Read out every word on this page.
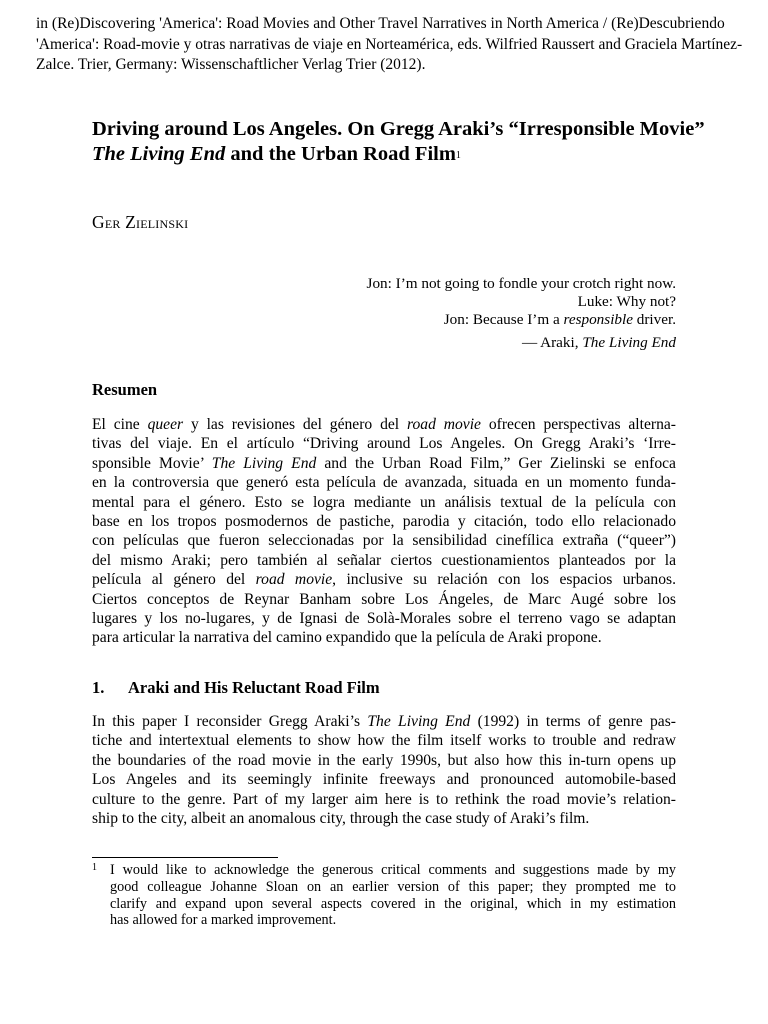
in (Re)Discovering 'America': Road Movies and Other Travel Narratives in North America / (Re)Descubriendo 'America': Road-movie y otras narrativas de viaje en Norteamérica, eds. Wilfried Raussert and Graciela Martínez-Zalce. Trier, Germany: Wissenschaftlicher Verlag Trier (2012).
Driving around Los Angeles. On Gregg Araki’s “Irresponsible Movie” The Living End and the Urban Road Film$^1$
Ger Zielinski
Jon: I’m not going to fondle your crotch right now.
Luke: Why not?
Jon: Because I’m a responsible driver.
— Araki, The Living End
Resumen
El cine queer y las revisiones del género del road movie ofrecen perspectivas alterna-
tivas del viaje. En el artículo “Driving around Los Angeles. On Gregg Araki’s ‘Irre-
sponsible Movie’ The Living End and the Urban Road Film,” Ger Zielinski se enfoca
en la controversia que generó esta película de avanzada, situada en un momento funda-
mental para el género. Esto se logra mediante un análisis textual de la película con
base en los tropos posmodernos de pastiche, parodia y citación, todo ello relacionado
con películas que fueron seleccionadas por la sensibilidad cinefílica extraña (“queer”)
del mismo Araki; pero también al señalar ciertos cuestionamientos planteados por la
película al género del road movie, inclusive su relación con los espacios urbanos.
Ciertos conceptos de Reynar Banham sobre Los Ángeles, de Marc Augé sobre los
lugares y los no-lugares, y de Ignasi de Solà-Morales sobre el terreno vago se adaptan
para articular la narrativa del camino expandido que la película de Araki propone.
1. Araki and His Reluctant Road Film
In this paper I reconsider Gregg Araki’s The Living End (1992) in terms of genre pas-
tiche and intertextual elements to show how the film itself works to trouble and redraw
the boundaries of the road movie in the early 1990s, but also how this in-turn opens up
Los Angeles and its seemingly infinite freeways and pronounced automobile-based
culture to the genre. Part of my larger aim here is to rethink the road movie’s relation-
ship to the city, albeit an anomalous city, through the case study of Araki’s film.
1 I would like to acknowledge the generous critical comments and suggestions made by my
good colleague Johanne Sloan on an earlier version of this paper; they prompted me to
clarify and expand upon several aspects covered in the original, which in my estimation
has allowed for a marked improvement.
